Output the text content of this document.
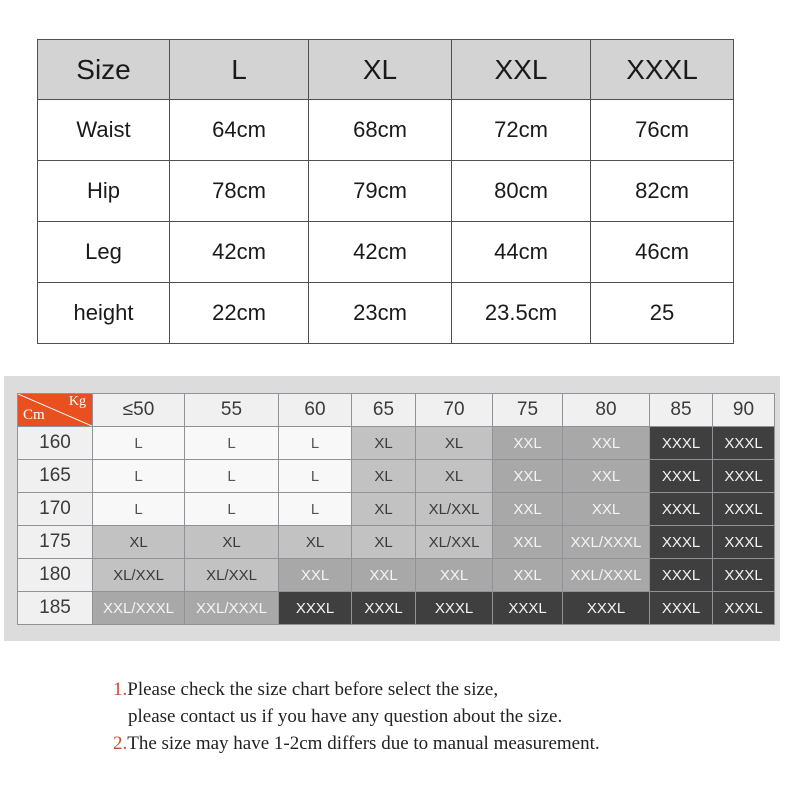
Size	L	XL	XXL	XXXL
Waist	64cm	68cm	72cm	76cm
Hip	78cm	79cm	80cm	82cm
Leg	42cm	42cm	44cm	46cm
height	22cm	23cm	23.5cm	25
Kg
Cm	≤50	55	60	65	70	75	80	85	90
160	L	L	L	XL	XL	XXL	XXL	XXXL	XXXL
165	L	L	L	XL	XL	XXL	XXL	XXXL	XXXL
170	L	L	L	XL	XL/XXL	XXL	XXL	XXXL	XXXL
175	XL	XL	XL	XL	XL/XXL	XXL	XXL/XXXL	XXXL	XXXL
180	XL/XXL	XL/XXL	XXL	XXL	XXL	XXL	XXL/XXXL	XXXL	XXXL
185	XXL/XXXL	XXL/XXXL	XXXL	XXXL	XXXL	XXXL	XXXL	XXXL	XXXL
1.Please check the size chart before select the size,
please contact us if you have any question about the size.
2.The size may have 1-2cm differs due to manual measurement.
